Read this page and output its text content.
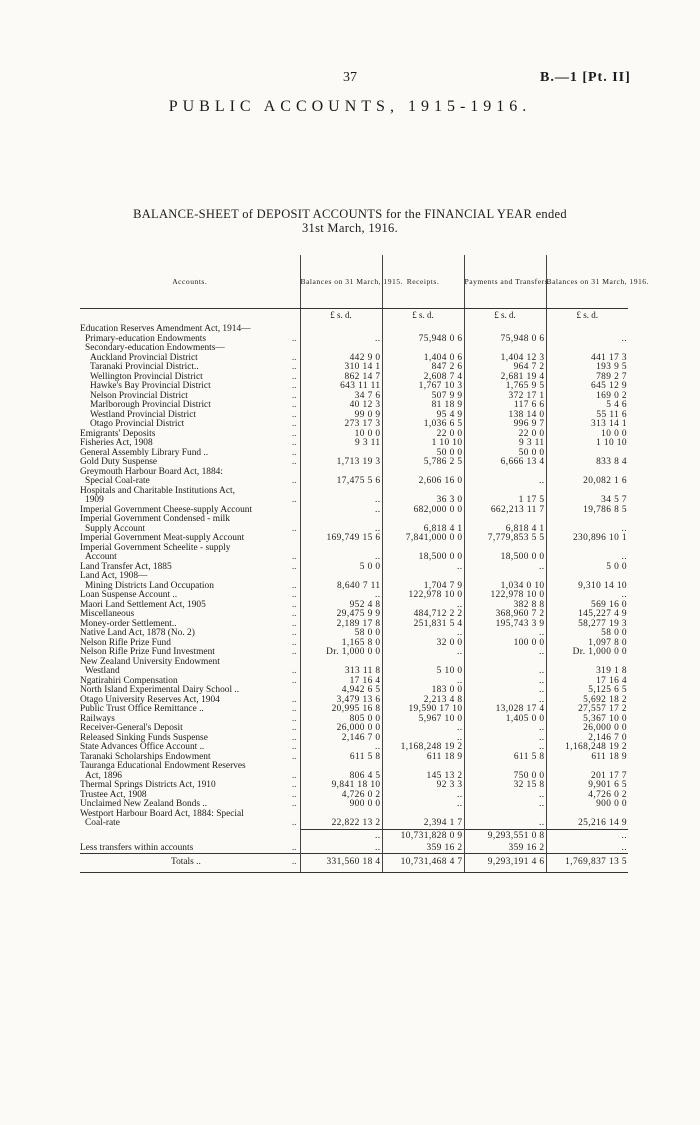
37	B.—1 [Pt. II]
PUBLIC ACCOUNTS, 1915-1916.
BALANCE-SHEET of DEPOSIT ACCOUNTS for the FINANCIAL YEAR ended
31st March, 1916.
Accounts.	Balances on 31 March, 1915.	Receipts.	Payments and Transfers.	Balances on 31 March, 1916.
	£ s. d.	£ s. d.	£ s. d.	£ s. d.
Education Reserves Amendment Act, 1914—				
Primary-education Endowments ..	..	75,948 0 6	75,948 0 6	..
Secondary-education Endowments—				
Auckland Provincial District ..	442 9 0	1,404 0 6	1,404 12 3	441 17 3
Taranaki Provincial District.. ..	310 14 1	847 2 6	964 7 2	193 9 5
Wellington Provincial District ..	862 14 7	2,608 7 4	2,681 19 4	789 2 7
Hawke's Bay Provincial District ..	643 11 11	1,767 10 3	1,765 9 5	645 12 9
Nelson Provincial District ..	34 7 6	507 9 9	372 17 1	169 0 2
Marlborough Provincial District ..	40 12 3	81 18 9	117 6 6	5 4 6
Westland Provincial District ..	99 0 9	95 4 9	138 14 0	55 11 6
Otago Provincial District ..	273 17 3	1,036 6 5	996 9 7	313 14 1
Emigrants' Deposits ..	10 0 0	22 0 0	22 0 0	10 0 0
Fisheries Act, 1908 ..	9 3 11	1 10 10	9 3 11	1 10 10
General Assembly Library Fund .. ..		50 0 0	50 0 0	
Gold Duty Suspense ..	1,713 19 3	5,786 2 5	6,666 13 4	833 8 4
Greymouth Harbour Board Act, 1884:				
Special Coal-rate ..	17,475 5 6	2,606 16 0	..	20,082 1 6
Hospitals and Charitable Institutions Act,				
1909 ..	..	36 3 0	1 17 5	34 5 7
Imperial Government Cheese-supply Account	..	682,000 0 0	662,213 11 7	19,786 8 5
Imperial Government Condensed - milk				
Supply Account ..	..	6,818 4 1	6,818 4 1	..
Imperial Government Meat-supply Account	169,749 15 6	7,841,000 0 0	7,779,853 5 5	230,896 10 1
Imperial Government Scheelite - supply				
Account ..	..	18,500 0 0	18,500 0 0	..
Land Transfer Act, 1885 ..	5 0 0	..	..	5 0 0
Land Act, 1908—				
Mining Districts Land Occupation ..	8,640 7 11	1,704 7 9	1,034 0 10	9,310 14 10
Loan Suspense Account .. ..	..	122,978 10 0	122,978 10 0	..
Maori Land Settlement Act, 1905 ..	952 4 8	..	382 8 8	569 16 0
Miscellaneous ..	29,475 9 9	484,712 2 2	368,960 7 2	145,227 4 9
Money-order Settlement.. ..	2,189 17 8	251,831 5 4	195,743 3 9	58,277 19 3
Native Land Act, 1878 (No. 2) ..	58 0 0	..	..	58 0 0
Nelson Rifle Prize Fund ..	1,165 8 0	32 0 0	100 0 0	1,097 8 0
Nelson Rifle Prize Fund Investment ..	Dr. 1,000 0 0	..	..	Dr. 1,000 0 0
New Zealand University Endowment				
Westland ..	313 11 8	5 10 0	..	319 1 8
Ngatirahiri Compensation ..	17 16 4	..	..	17 16 4
North Island Experimental Dairy School ..	4,942 6 5	183 0 0	..	5,125 6 5
Otago University Reserves Act, 1904 ..	3,479 13 6	2,213 4 8	..	5,692 18 2
Public Trust Office Remittance .. ..	20,995 16 8	19,590 17 10	13,028 17 4	27,557 17 2
Railways ..	805 0 0	5,967 10 0	1,405 0 0	5,367 10 0
Receiver-General's Deposit ..	26,000 0 0	..	..	26,000 0 0
Released Sinking Funds Suspense ..	2,146 7 0	..	..	2,146 7 0
State Advances Office Account .. ..	..	1,168,248 19 2	..	1,168,248 19 2
Taranaki Scholarships Endowment ..	611 5 8	611 18 9	611 5 8	611 18 9
Tauranga Educational Endowment Reserves				
Act, 1896 ..	806 4 5	145 13 2	750 0 0	201 17 7
Thermal Springs Districts Act, 1910 ..	9,841 18 10	92 3 3	32 15 8	9,901 6 5
Trustee Act, 1908 ..	4,726 0 2	..	..	4,726 0 2
Unclaimed New Zealand Bonds .. ..	900 0 0	..	..	900 0 0
Westport Harbour Board Act, 1884: Special				
Coal-rate ..	22,822 13 2	2,394 1 7	..	25,216 14 9
	..	10,731,828 0 9	9,293,551 0 8	..
Less transfers within accounts ..	..	359 16 2	359 16 2	..
Totals .. ..	331,560 18 4	10,731,468 4 7	9,293,191 4 6	1,769,837 13 5
